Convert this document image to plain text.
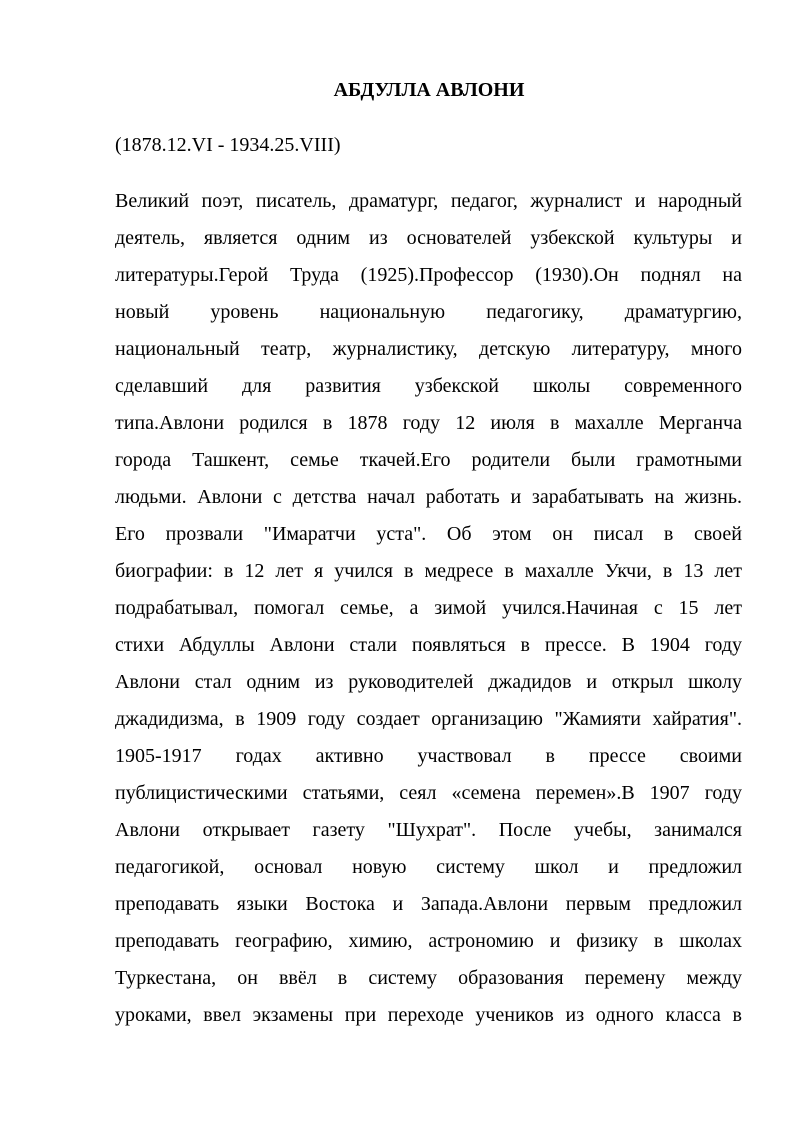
АБДУЛЛА АВЛОНИ

(1878.12.VI - 1934.25.VIII)

Великий поэт, писатель, драматург, педагог, журналист и народный
деятель, является одним из основателей узбекской культуры и
литературы.Герой Труда (1925).Профессор (1930).Он поднял на
новый уровень национальную педагогику, драматургию,
национальный театр, журналистику, детскую литературу, много
сделавший для развития узбекской школы современного
типа.Авлони родился в 1878 году 12 июля в махалле Мерганча
города Ташкент, семье ткачей.Его родители были грамотными
людьми. Авлони с детства начал работать и зарабатывать на жизнь.
Его прозвали "Имаратчи уста". Об этом он писал в своей
биографии: в 12 лет я учился в медресе в махалле Укчи, в 13 лет
подрабатывал, помогал семье, а зимой учился.Начиная с 15 лет
стихи Абдуллы Авлони стали появляться в прессе. В 1904 году
Авлони стал одним из руководителей джадидов и открыл школу
джадидизма, в 1909 году создает организацию "Жамияти хайратия".
1905-1917 годах активно участвовал в прессе своими
публицистическими статьями, сеял «семена перемен».В 1907 году
Авлони открывает газету "Шухрат". После учебы, занимался
педагогикой, основал новую систему школ и предложил
преподавать языки Востока и Запада.Авлони первым предложил
преподавать географию, химию, астрономию и физику в школах
Туркестана, он ввёл в систему образования перемену между
уроками, ввел экзамены при переходе учеников из одного класса в
